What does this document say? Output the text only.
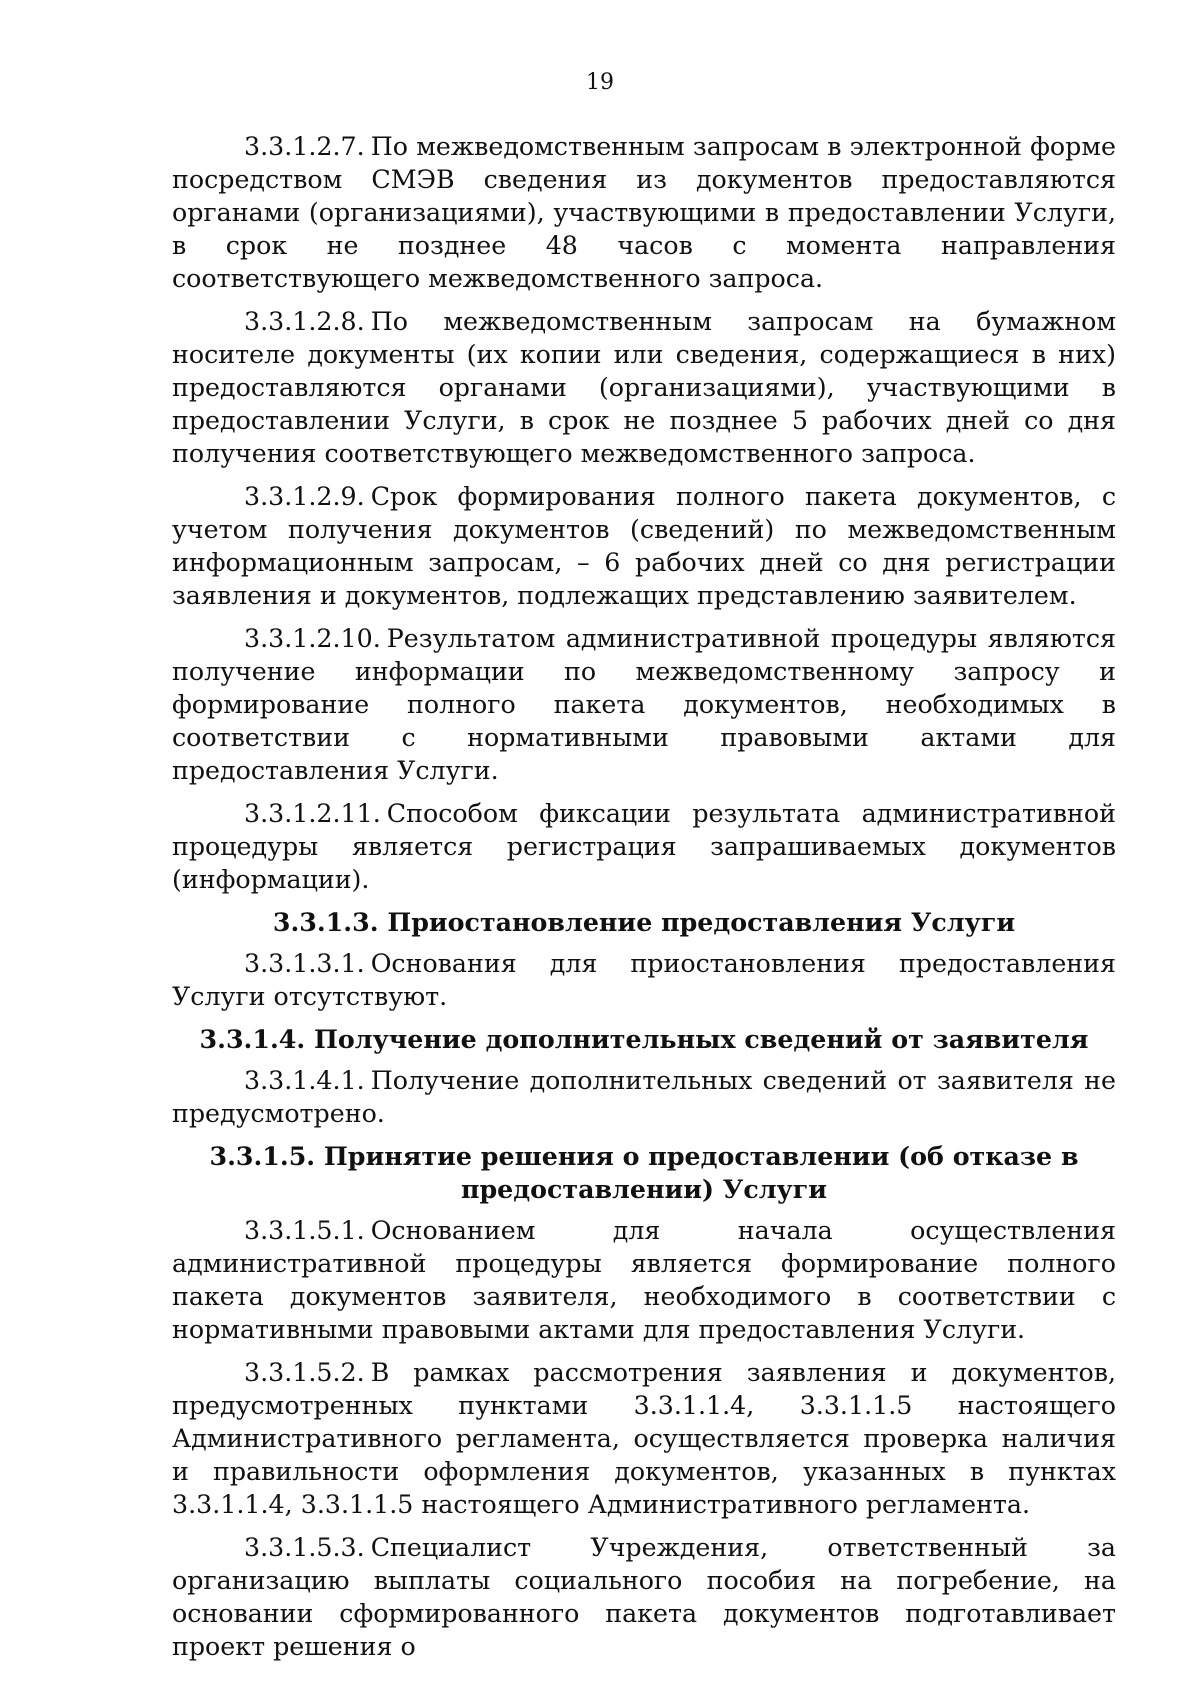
19

3.3.1.2.7. По межведомственным запросам в электронной форме посредством СМЭВ сведения из документов предоставляются органами (организациями), участвующими в предоставлении Услуги, в срок не позднее 48 часов с момента направления соответствующего межведомственного запроса.

3.3.1.2.8. По межведомственным запросам на бумажном носителе документы (их копии или сведения, содержащиеся в них) предоставляются органами (организациями), участвующими в предоставлении Услуги, в срок не позднее 5 рабочих дней со дня получения соответствующего межведомственного запроса.

3.3.1.2.9. Срок формирования полного пакета документов, с учетом получения документов (сведений) по межведомственным информационным запросам, – 6 рабочих дней со дня регистрации заявления и документов, подлежащих представлению заявителем.

3.3.1.2.10. Результатом административной процедуры являются получение информации по межведомственному запросу и формирование полного пакета документов, необходимых в соответствии с нормативными правовыми актами для предоставления Услуги.

3.3.1.2.11. Способом фиксации результата административной процедуры является регистрация запрашиваемых документов (информации).

3.3.1.3. Приостановление предоставления Услуги

3.3.1.3.1. Основания для приостановления предоставления Услуги отсутствуют.

3.3.1.4. Получение дополнительных сведений от заявителя

3.3.1.4.1. Получение дополнительных сведений от заявителя не предусмотрено.

3.3.1.5. Принятие решения о предоставлении (об отказе в
предоставлении) Услуги

3.3.1.5.1. Основанием для начала осуществления административной процедуры является формирование полного пакета документов заявителя, необходимого в соответствии с нормативными правовыми актами для предоставления Услуги.

3.3.1.5.2. В рамках рассмотрения заявления и документов, предусмотренных пунктами 3.3.1.1.4, 3.3.1.1.5 настоящего Административного регламента, осуществляется проверка наличия и правильности оформления документов, указанных в пунктах 3.3.1.1.4, 3.3.1.1.5 настоящего Административного регламента.

3.3.1.5.3. Специалист Учреждения, ответственный за организацию выплаты социального пособия на погребение, на основании сформированного пакета документов подготавливает проект решения о
